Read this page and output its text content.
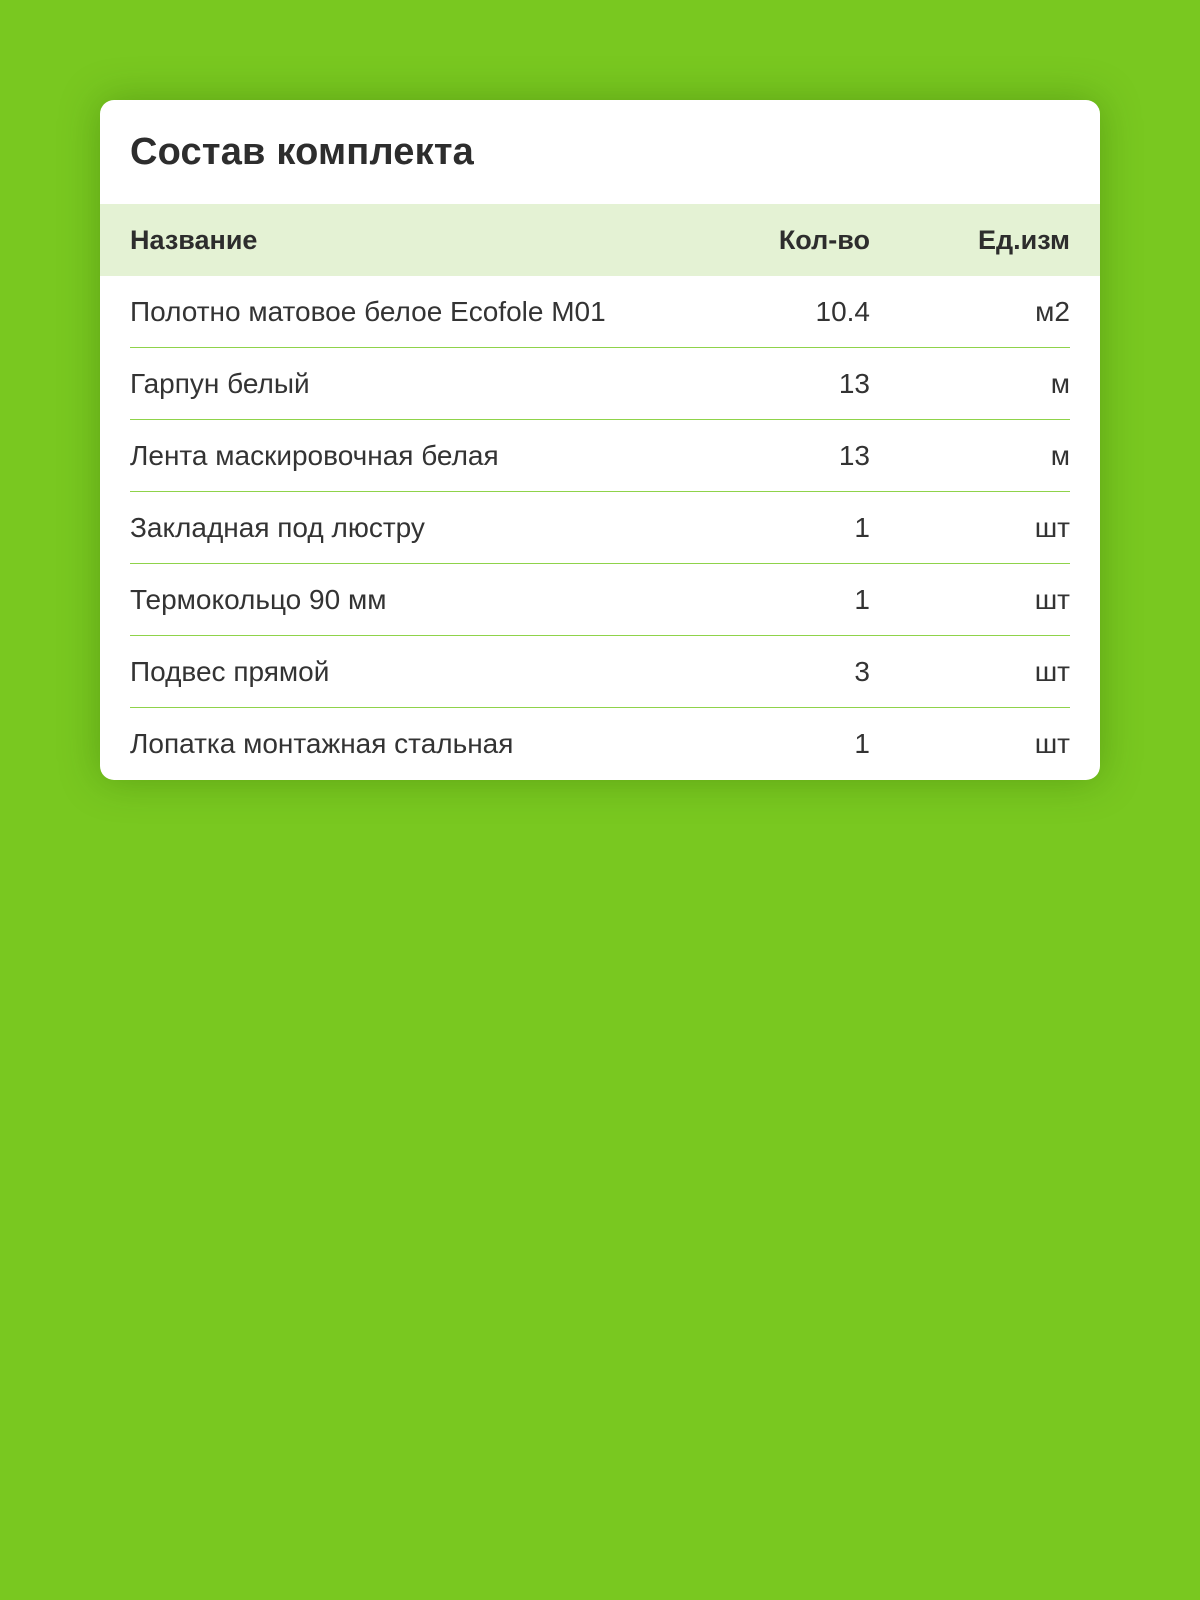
Состав комплекта
Название	Кол-во	Ед.изм
Полотно матовое белое Ecofole M01	10.4	м2
Гарпун белый	13	м
Лента маскировочная белая	13	м
Закладная под люстру	1	шт
Термокольцо 90 мм	1	шт
Подвес прямой	3	шт
Лопатка монтажная стальная	1	шт
